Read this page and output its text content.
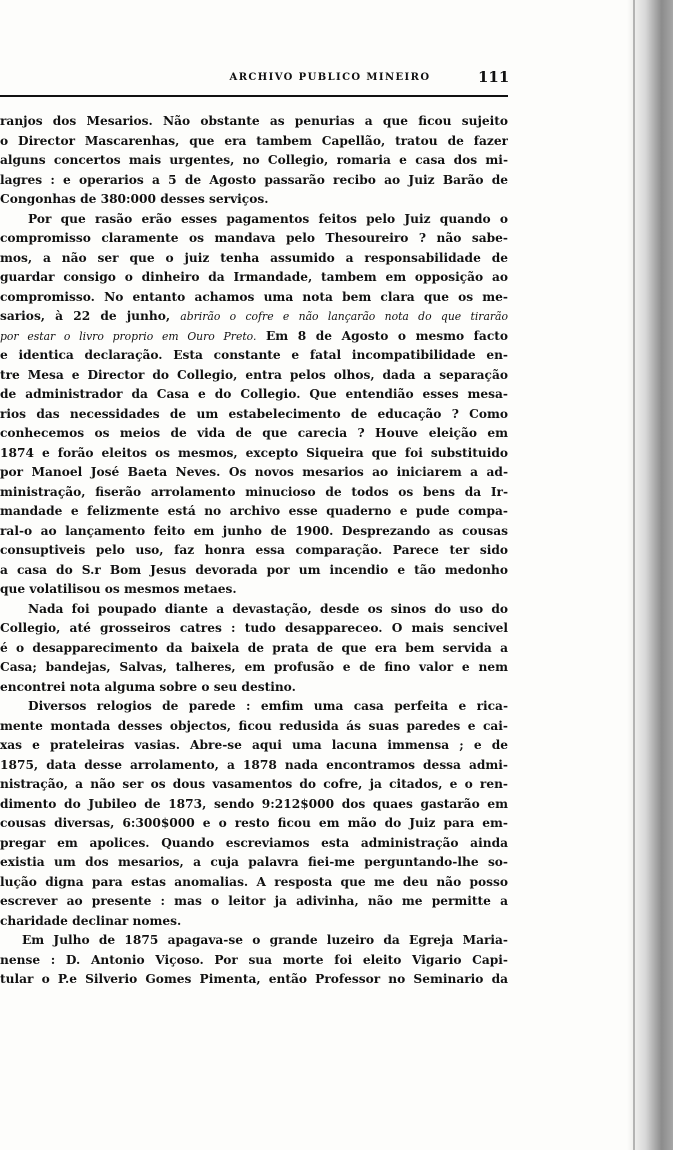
ARCHIVO PUBLICO MINEIRO	111
ranjos dos Mesarios. Não obstante as penurias a que ficou sujeito
o Director Mascarenhas, que era tambem Capellão, tratou de fazer
alguns concertos mais urgentes, no Collegio, romaria e casa dos mi-
lagres : e operarios a 5 de Agosto passarão recibo ao Juiz Barão de
Congonhas de 380:000 desses serviços.
Por que rasão erão esses pagamentos feitos pelo Juiz quando o
compromisso claramente os mandava pelo Thesoureiro ? não sabe-
mos, a não ser que o juiz tenha assumido a responsabilidade de
guardar consigo o dinheiro da Irmandade, tambem em opposição ao
compromisso. No entanto achamos uma nota bem clara que os me-
sarios, à 22 de junho, abrirão o cofre e não lançarão nota do que tirarão
por estar o livro proprio em Ouro Preto. Em 8 de Agosto o mesmo facto
e identica declaração. Esta constante e fatal incompatibilidade en-
tre Mesa e Director do Collegio, entra pelos olhos, dada a separação
de administrador da Casa e do Collegio. Que entendião esses mesa-
rios das necessidades de um estabelecimento de educação ? Como
conhecemos os meios de vida de que carecia ? Houve eleição em
1874 e forão eleitos os mesmos, excepto Siqueira que foi substituido
por Manoel José Baeta Neves. Os novos mesarios ao iniciarem a ad-
ministração, fiserão arrolamento minucioso de todos os bens da Ir-
mandade e felizmente está no archivo esse quaderno e pude compa-
ral-o ao lançamento feito em junho de 1900. Desprezando as cousas
consuptiveis pelo uso, faz honra essa comparação. Parece ter sido
a casa do S.r Bom Jesus devorada por um incendio e tão medonho
que volatilisou os mesmos metaes.
Nada foi poupado diante a devastação, desde os sinos do uso do
Collegio, até grosseiros catres : tudo desappareceo. O mais sencivel
é o desapparecimento da baixela de prata de que era bem servida a
Casa; bandejas, Salvas, talheres, em profusão e de fino valor e nem
encontrei nota alguma sobre o seu destino.
Diversos relogios de parede : emfim uma casa perfeita e rica-
mente montada desses objectos, ficou redusida ás suas paredes e cai-
xas e prateleiras vasias. Abre-se aqui uma lacuna immensa ; e de
1875, data desse arrolamento, a 1878 nada encontramos dessa admi-
nistração, a não ser os dous vasamentos do cofre, ja citados, e o ren-
dimento do Jubileo de 1873, sendo 9:212$000 dos quaes gastarão em
cousas diversas, 6:300$000 e o resto ficou em mão do Juiz para em-
pregar em apolices. Quando escreviamos esta administração ainda
existia um dos mesarios, a cuja palavra fiei-me perguntando-lhe so-
lução digna para estas anomalias. A resposta que me deu não posso
escrever ao presente : mas o leitor ja adivinha, não me permitte a
charidade declinar nomes.
Em Julho de 1875 apagava-se o grande luzeiro da Egreja Maria-
nense : D. Antonio Viçoso. Por sua morte foi eleito Vigario Capi-
tular o P.e Silverio Gomes Pimenta, então Professor no Seminario da
